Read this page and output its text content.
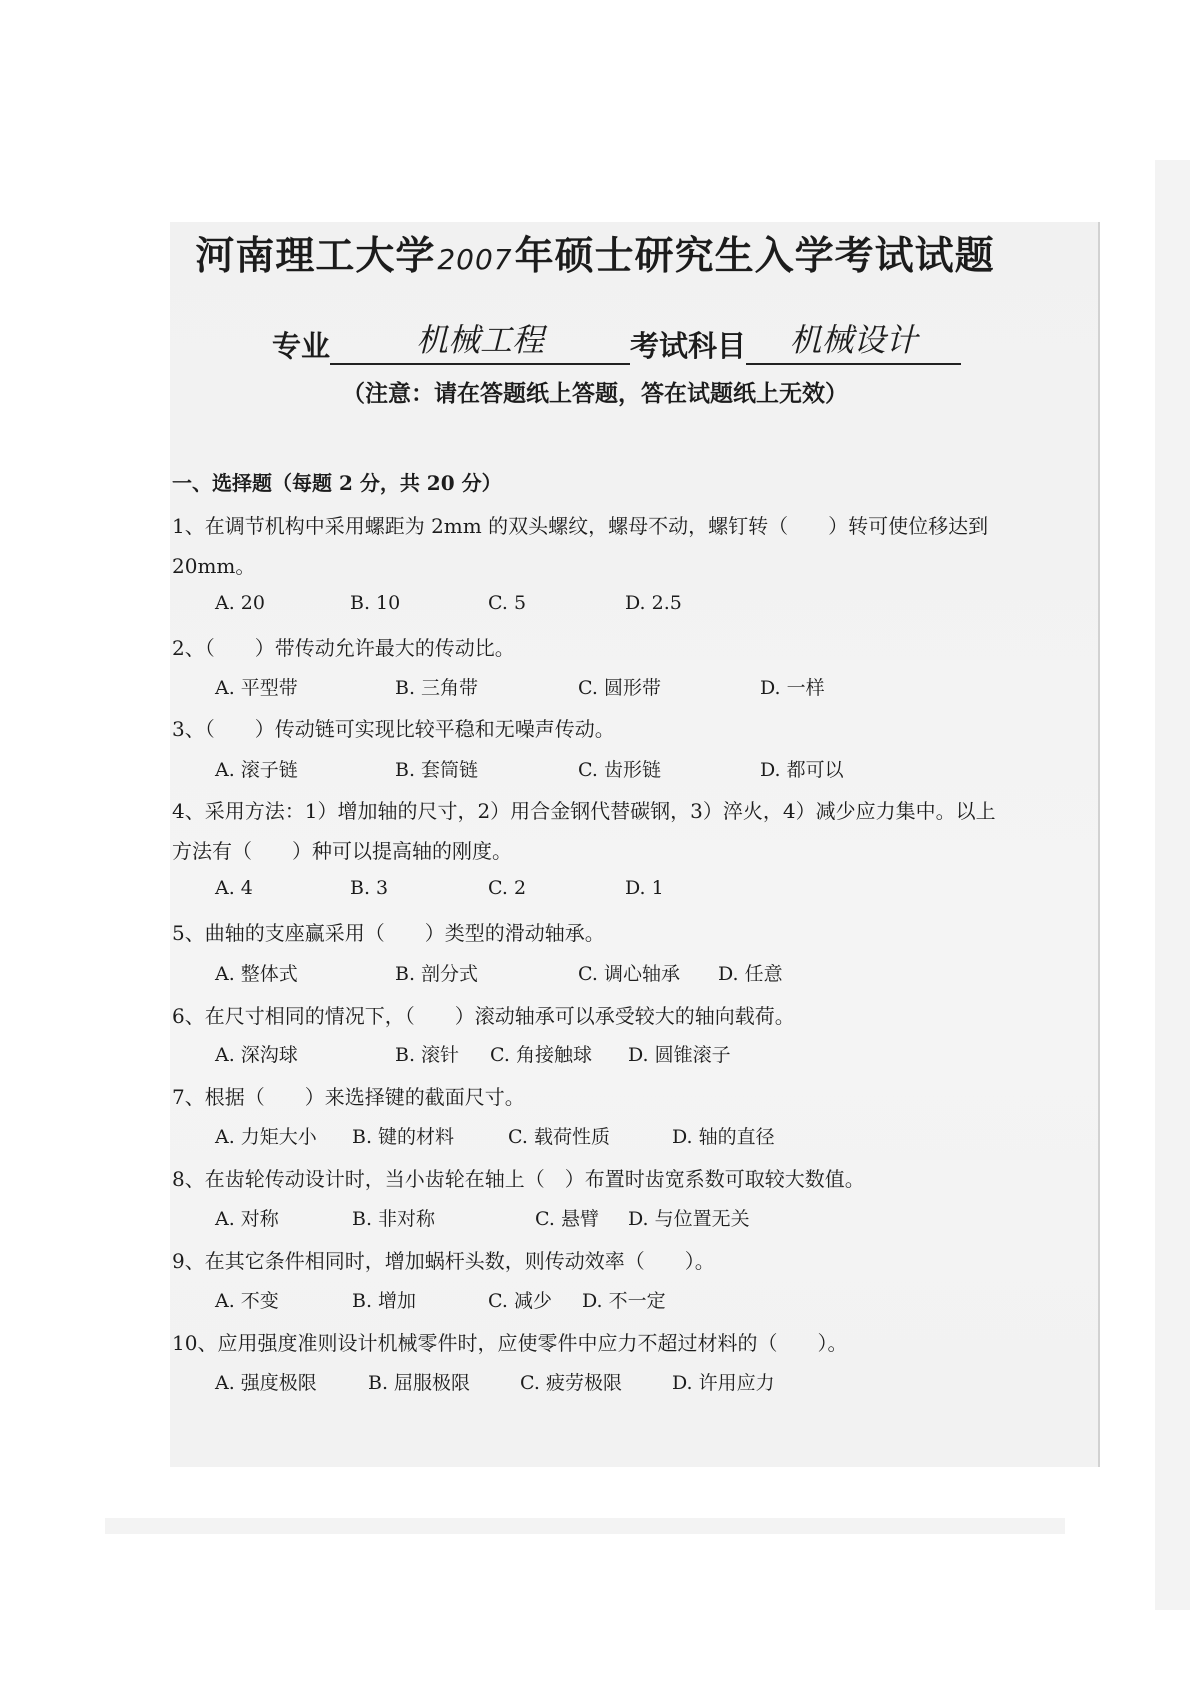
河南理工大学2007年硕士研究生入学考试试题
专业	机械工程	考试科目 机械设计
（注意：请在答题纸上答题，答在试题纸上无效）
一、选择题（每题 2 分，共 20 分）
1、在调节机构中采用螺距为 2mm 的双头螺纹，螺母不动，螺钉转（　　）转可使位移达到
20mm。
A. 20	B. 10	C. 5	D. 2.5
2、（　　）带传动允许最大的传动比。
A. 平型带	B. 三角带	C. 圆形带	D. 一样
3、（　　）传动链可实现比较平稳和无噪声传动。
A. 滚子链	B. 套筒链	C. 齿形链	D. 都可以
4、采用方法：1）增加轴的尺寸，2）用合金钢代替碳钢，3）淬火，4）减少应力集中。以上
方法有（　　）种可以提高轴的刚度。
A. 4	B. 3	C. 2	D. 1
5、曲轴的支座赢采用（　　）类型的滑动轴承。
A. 整体式	B. 剖分式	C. 调心轴承 D. 任意
6、在尺寸相同的情况下，（　　）滚动轴承可以承受较大的轴向载荷。
A. 深沟球	B. 滚针 C. 角接触球 D. 圆锥滚子
7、根据（　　）来选择键的截面尺寸。
A. 力矩大小 B. 键的材料	C. 载荷性质	D. 轴的直径
8、在齿轮传动设计时，当小齿轮在轴上（　）布置时齿宽系数可取较大数值。
A. 对称	B. 非对称	C. 悬臂 D. 与位置无关
9、在其它条件相同时，增加蜗杆头数，则传动效率（　　）。
A. 不变	B. 增加	C. 减少 D. 不一定
10、应用强度准则设计机械零件时，应使零件中应力不超过材料的（　　）。
A. 强度极限	B. 屈服极限	C. 疲劳极限	D. 许用应力
